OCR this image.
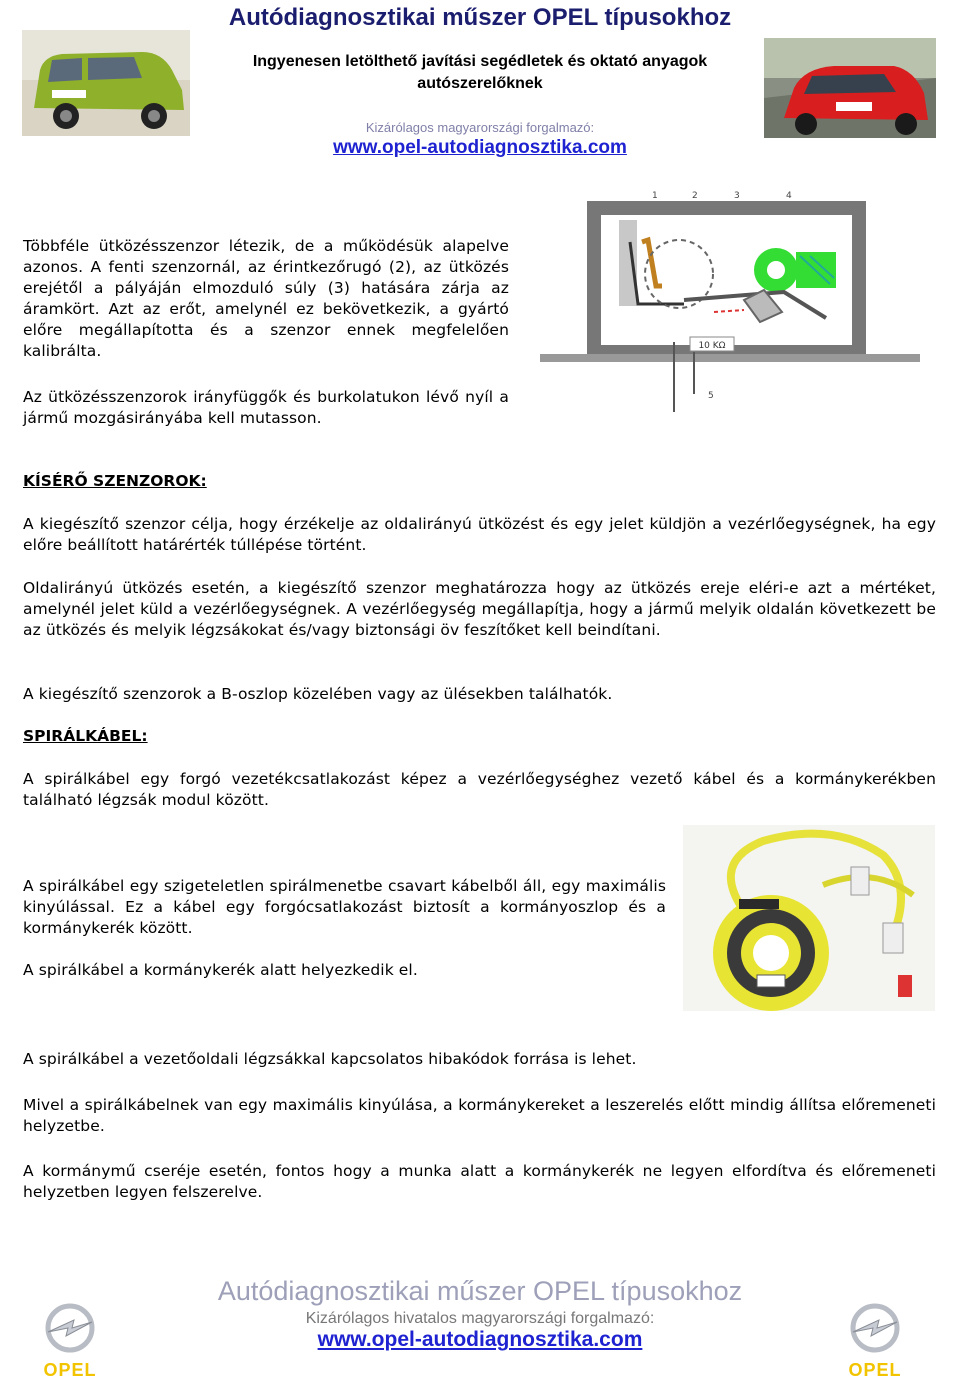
Autódiagnosztikai műszer OPEL típusokhoz
Ingyenesen letölthető javítási segédletek és oktató anyagok
autószerelőknek
Kizárólagos magyarországi forgalmazó:
www.opel-autodiagnosztika.com
10 KΩ
1	2	3	4
5
Többféle ütközésszenzor létezik, de a működésük alapelve azonos. A fenti szenzornál, az érintkezőrugó (2), az ütközés erejétől a pályáján elmozduló súly (3) hatására zárja az áramkört. Azt az erőt, amelynél ez bekövetkezik, a gyártó előre megállapította és a szenzor ennek megfelelően kalibrálta.
Az ütközésszenzorok irányfüggők és burkolatukon lévő nyíl a jármű mozgásirányába kell mutasson.
KÍSÉRŐ SZENZOROK:
A kiegészítő szenzor célja, hogy érzékelje az oldalirányú ütközést és egy jelet küldjön a vezérlőegységnek, ha egy előre beállított határérték túllépése történt.
Oldalirányú ütközés esetén, a kiegészítő szenzor meghatározza hogy az ütközés ereje eléri-e azt a mértéket, amelynél jelet küld a vezérlőegységnek. A vezérlőegység megállapítja, hogy a jármű melyik oldalán következett be az ütközés és melyik légzsákokat és/vagy biztonsági öv feszítőket kell beindítani.
A kiegészítő szenzorok a B-oszlop közelében vagy az ülésekben találhatók.
SPIRÁLKÁBEL:
A spirálkábel egy forgó vezetékcsatlakozást képez a vezérlőegységhez vezető kábel és a kormánykerékben található légzsák modul között.
A spirálkábel egy szigeteletlen spirálmenetbe csavart kábelből áll, egy maximális kinyúlással. Ez a kábel egy forgócsatlakozást biztosít a kormányoszlop és a kormánykerék között.
A spirálkábel a kormánykerék alatt helyezkedik el.
A spirálkábel a vezetőoldali légzsákkal kapcsolatos hibakódok forrása is lehet.
Mivel a spirálkábelnek van egy maximális kinyúlása, a kormánykereket a leszerelés előtt mindig állítsa előremeneti helyzetbe.
A kormánymű cseréje esetén, fontos hogy a munka alatt a kormánykerék ne legyen elfordítva és előremeneti helyzetben legyen felszerelve.
OPEL	OPEL
Autódiagnosztikai műszer OPEL típusokhoz
Kizárólagos hivatalos magyarországi forgalmazó:
www.opel-autodiagnosztika.com
